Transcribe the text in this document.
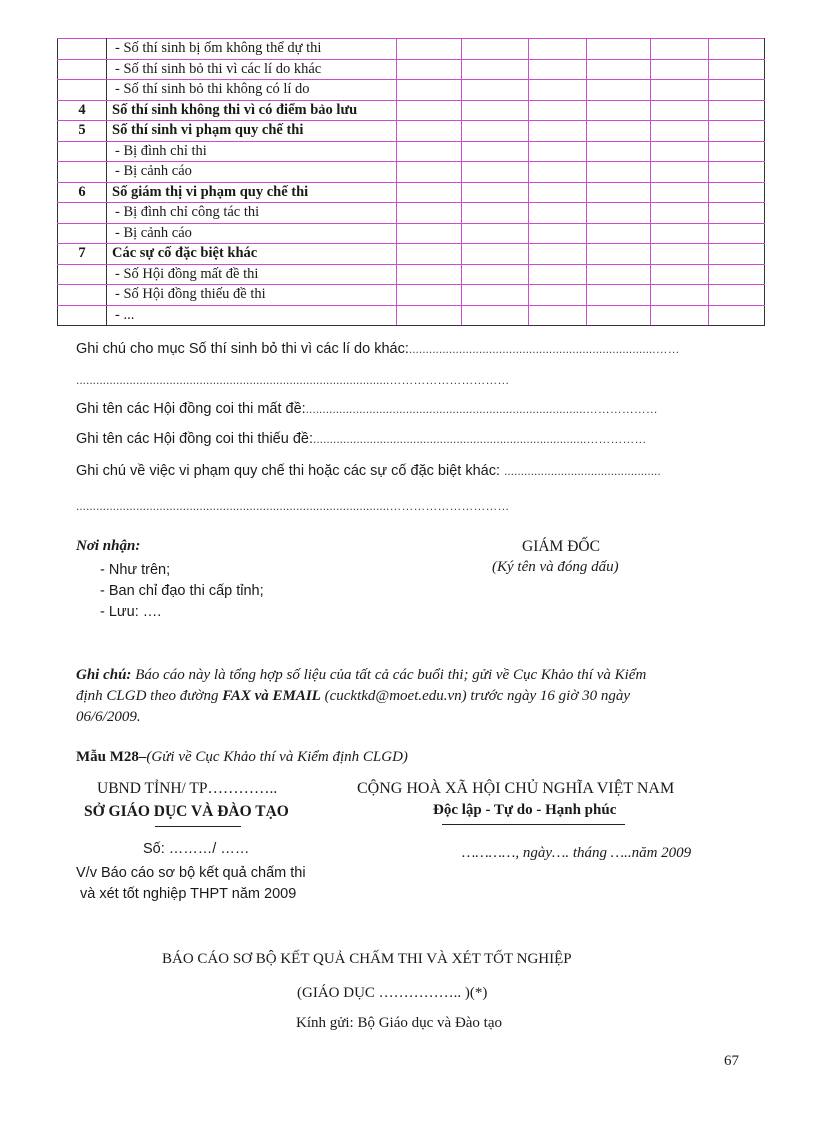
	- Số thí sinh bị ốm không thể dự thi						
	- Số thí sinh bỏ thi vì các lí do khác						
	- Số thí sinh bỏ thi không có lí do						
4	Số thí sinh không thi vì có điểm bảo lưu						
5	Số thí sinh vi phạm quy chế thi						
	- Bị đình chỉ thi						
	- Bị cảnh cáo						
6	Số giám thị vi phạm quy chế thi						
	- Bị đình chỉ công tác thi						
	- Bị cảnh cáo						
7	Các sự cố đặc biệt khác						
	- Số Hội đồng mất đề thi						
	- Số Hội đồng thiếu đề thi						
	- ...						
Ghi chú cho mục Số thí sinh bỏ thi vì các lí do khác:..........................................................................……
..............................................................................................…………………………
Ghi tên các Hội đồng coi thi mất đề:....................................................................................………………
Ghi tên các Hội đồng coi thi thiếu đề:..................................................................................……………
Ghi chú về việc vi phạm quy chế thi hoặc các sự cố đặc biệt khác: ...............................................
..............................................................................................…………………………
Nơi nhận:
- Như trên;
- Ban chỉ đạo thi cấp tỉnh;
- Lưu: ….
GIÁM ĐỐC
(Ký tên và đóng dấu)
Ghi chú: Báo cáo này là tổng hợp số liệu của tất cả các buổi thi; gửi về Cục Khảo thí và Kiểm
định CLGD theo đường FAX và EMAIL (cucktkd@moet.edu.vn) trước ngày 16 giờ 30 ngày
06/6/2009.
Mẫu M28–(Gửi về Cục Khảo thí và Kiểm định CLGD)
UBND TỈNH/ TP…………..
SỞ GIÁO DỤC VÀ ĐÀO TẠO
CỘNG HOÀ XÃ HỘI CHỦ NGHĨA VIỆT NAM
Độc lập - Tự do - Hạnh phúc
Số: ………/ ……
V/v Báo cáo sơ bộ kết quả chấm thi
và xét tốt nghiệp THPT năm 2009
…………, ngày…. tháng …..năm 2009
BÁO CÁO SƠ BỘ KẾT QUẢ CHẤM THI VÀ XÉT TỐT NGHIỆP
(GIÁO DỤC …………….. )(*)
Kính gửi: Bộ Giáo dục và Đào tạo
67
